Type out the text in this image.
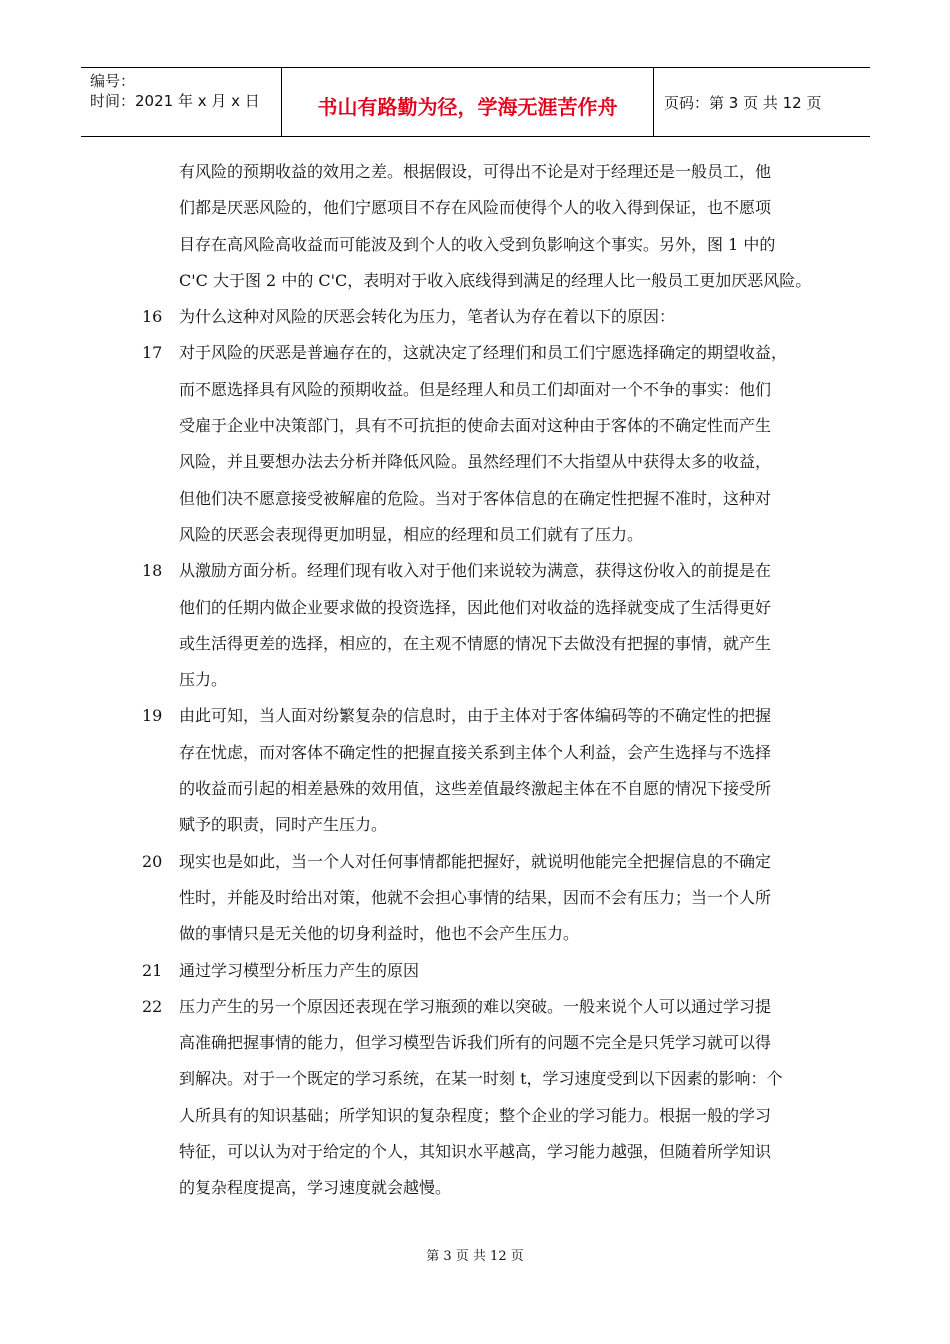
编号：
时间：2021 年 x 月 x 日	书山有路勤为径，学海无涯苦作舟	页码：第 3 页 共 12 页
有风险的预期收益的效用之差。根据假设，可得出不论是对于经理还是一般员工，他
们都是厌恶风险的，他们宁愿项目不存在风险而使得个人的收入得到保证，也不愿项
目存在高风险高收益而可能波及到个人的收入受到负影响这个事实。另外，图 1 中的
C'C 大于图 2 中的 C'C，表明对于收入底线得到满足的经理人比一般员工更加厌恶风险。
16	为什么这种对风险的厌恶会转化为压力，笔者认为存在着以下的原因：
17	对于风险的厌恶是普遍存在的，这就决定了经理们和员工们宁愿选择确定的期望收益，
而不愿选择具有风险的预期收益。但是经理人和员工们却面对一个不争的事实：他们
受雇于企业中决策部门，具有不可抗拒的使命去面对这种由于客体的不确定性而产生
风险，并且要想办法去分析并降低风险。虽然经理们不大指望从中获得太多的收益，
但他们决不愿意接受被解雇的危险。当对于客体信息的在确定性把握不准时，这种对
风险的厌恶会表现得更加明显，相应的经理和员工们就有了压力。
18	从激励方面分析。经理们现有收入对于他们来说较为满意，获得这份收入的前提是在
他们的任期内做企业要求做的投资选择，因此他们对收益的选择就变成了生活得更好
或生活得更差的选择，相应的，在主观不情愿的情况下去做没有把握的事情，就产生
压力。
19	由此可知，当人面对纷繁复杂的信息时，由于主体对于客体编码等的不确定性的把握
存在忧虑，而对客体不确定性的把握直接关系到主体个人利益，会产生选择与不选择
的收益而引起的相差悬殊的效用值，这些差值最终激起主体在不自愿的情况下接受所
赋予的职责，同时产生压力。
20	现实也是如此，当一个人对任何事情都能把握好，就说明他能完全把握信息的不确定
性时，并能及时给出对策，他就不会担心事情的结果，因而不会有压力；当一个人所
做的事情只是无关他的切身利益时，他也不会产生压力。
21	通过学习模型分析压力产生的原因
22	压力产生的另一个原因还表现在学习瓶颈的难以突破。一般来说个人可以通过学习提
高准确把握事情的能力，但学习模型告诉我们所有的问题不完全是只凭学习就可以得
到解决。对于一个既定的学习系统，在某一时刻 t，学习速度受到以下因素的影响：个
人所具有的知识基础；所学知识的复杂程度；整个企业的学习能力。根据一般的学习
特征，可以认为对于给定的个人，其知识水平越高，学习能力越强，但随着所学知识
的复杂程度提高，学习速度就会越慢。
第 3 页 共 12 页
